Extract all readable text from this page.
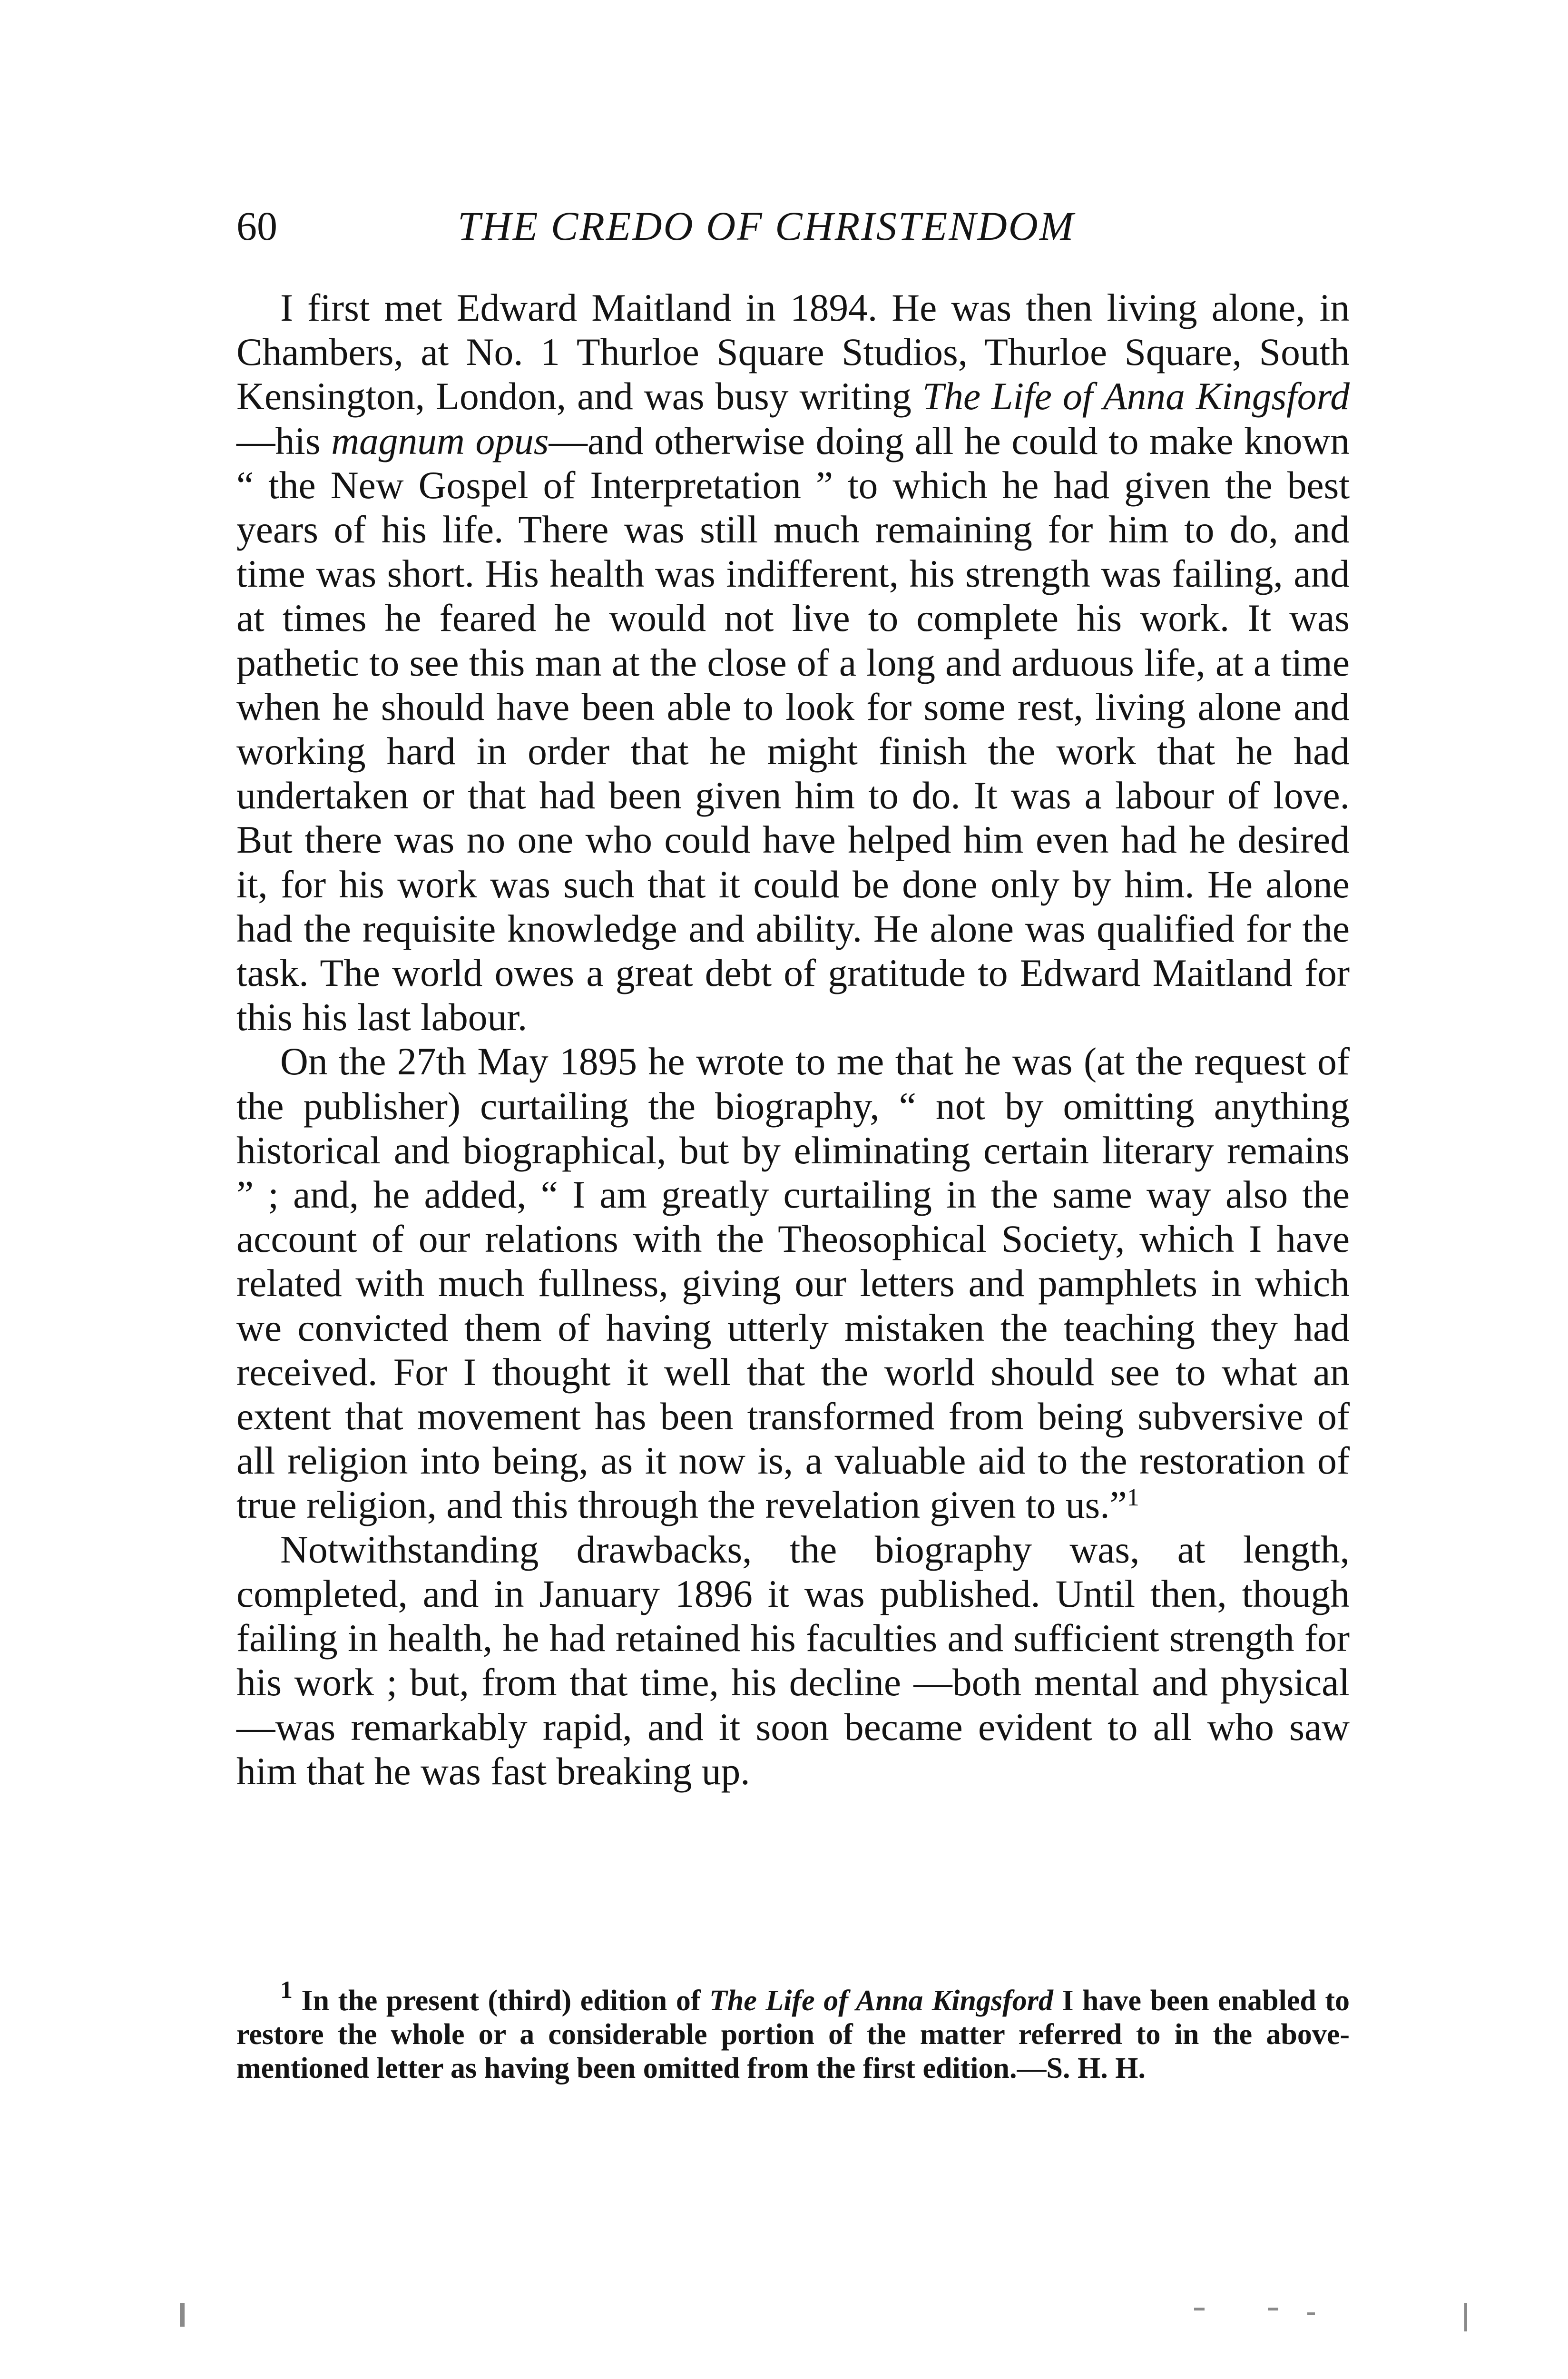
60	THE CREDO OF CHRISTENDOM

I first met Edward Maitland in 1894. He was then living alone, in Chambers, at No. 1 Thurloe Square Studios, Thurloe Square, South Kensington, London, and was busy writing The Life of Anna Kingsford—his magnum opus—and otherwise doing all he could to make known “ the New Gospel of Interpretation ” to which he had given the best years of his life. There was still much remaining for him to do, and time was short. His health was indifferent, his strength was failing, and at times he feared he would not live to complete his work. It was pathetic to see this man at the close of a long and arduous life, at a time when he should have been able to look for some rest, living alone and working hard in order that he might finish the work that he had undertaken or that had been given him to do. It was a labour of love. But there was no one who could have helped him even had he desired it, for his work was such that it could be done only by him. He alone had the requisite knowledge and ability. He alone was qualified for the task. The world owes a great debt of gratitude to Edward Maitland for this his last labour.

On the 27th May 1895 he wrote to me that he was (at the request of the publisher) curtailing the biography, “ not by omitting anything historical and biographical, but by eliminating certain literary remains ” ; and, he added, “ I am greatly curtailing in the same way also the account of our relations with the Theosophical Society, which I have related with much fullness, giving our letters and pamphlets in which we convicted them of having utterly mistaken the teaching they had received. For I thought it well that the world should see to what an extent that movement has been transformed from being subversive of all religion into being, as it now is, a valuable aid to the restoration of true religion, and this through the revelation given to us.”$^1$

Notwithstanding drawbacks, the biography was, at length, completed, and in January 1896 it was published. Until then, though failing in health, he had retained his faculties and sufficient strength for his work ; but, from that time, his decline —both mental and physical—was remarkably rapid, and it soon became evident to all who saw him that he was fast breaking up.

$^1$ In the present (third) edition of The Life of Anna Kingsford I have been enabled to restore the whole or a considerable portion of the matter referred to in the above-mentioned letter as having been omitted from the first edition.—S. H. H.
